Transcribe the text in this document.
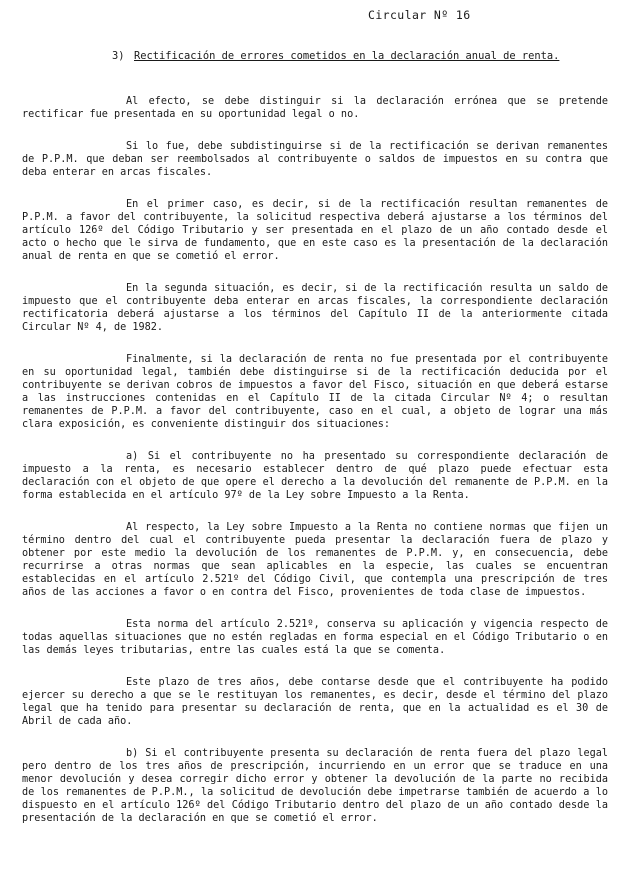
Circular Nº 16
3) Rectificación de errores cometidos en la declaración anual de renta.

Al efecto, se debe distinguir si la declaración errónea que se pretende rectificar fue presentada en su oportunidad legal o no.

Si lo fue, debe subdistinguirse si de la rectificación se derivan remanentes de P.P.M. que deban ser reembolsados al contribuyente o saldos de impuestos en su contra que deba enterar en arcas fiscales.

En el primer caso, es decir, si de la rectificación resultan remanentes de P.P.M. a favor del contribuyente, la solicitud respectiva deberá ajustarse a los términos del artículo 126º del Código Tributario y ser presentada en el plazo de un año contado desde el acto o hecho que le sirva de fundamento, que en este caso es la presentación de la declaración anual de renta en que se cometió el error.

En la segunda situación, es decir, si de la rectificación resulta un saldo de impuesto que el contribuyente deba enterar en arcas fiscales, la correspondiente declaración rectificatoria deberá ajustarse a los términos del Capítulo II de la anteriormente citada Circular Nº 4, de 1982.

Finalmente, si la declaración de renta no fue presentada por el contribuyente en su oportunidad legal, también debe distinguirse si de la rectificación deducida por el contribuyente se derivan cobros de impuestos a favor del Fisco, situación en que deberá estarse a las instrucciones contenidas en el Capítulo II de la citada Circular Nº 4; o resultan remanentes de P.P.M. a favor del contribuyente, caso en el cual, a objeto de lograr una más clara exposición, es conveniente distinguir dos situaciones:

a) Si el contribuyente no ha presentado su correspondiente declaración de impuesto a la renta, es necesario establecer dentro de qué plazo puede efectuar esta declaración con el objeto de que opere el derecho a la devolución del remanente de P.P.M. en la forma establecida en el artículo 97º de la Ley sobre Impuesto a la Renta.

Al respecto, la Ley sobre Impuesto a la Renta no contiene normas que fijen un término dentro del cual el contribuyente pueda presentar la declaración fuera de plazo y obtener por este medio la devolución de los remanentes de P.P.M. y, en consecuencia, debe recurrirse a otras normas que sean aplicables en la especie, las cuales se encuentran establecidas en el artículo 2.521º del Código Civil, que contempla una prescripción de tres años de las acciones a favor o en contra del Fisco, provenientes de toda clase de impuestos.

Esta norma del artículo 2.521º, conserva su aplicación y vigencia respecto de todas aquellas situaciones que no estén regladas en forma especial en el Código Tributario o en las demás leyes tributarias, entre las cuales está la que se comenta.

Este plazo de tres años, debe contarse desde que el contribuyente ha podido ejercer su derecho a que se le restituyan los remanentes, es decir, desde el término del plazo legal que ha tenido para presentar su declaración de renta, que en la actualidad es el 30 de Abril de cada año.

b) Si el contribuyente presenta su declaración de renta fuera del plazo legal pero dentro de los tres años de prescripción, incurriendo en un error que se traduce en una menor devolución y desea corregir dicho error y obtener la devolución de la parte no recibida de los remanentes de P.P.M., la solicitud de devolución debe impetrarse también de acuerdo a lo dispuesto en el artículo 126º del Código Tributario dentro del plazo de un año contado desde la presentación de la declaración en que se cometió el error.
